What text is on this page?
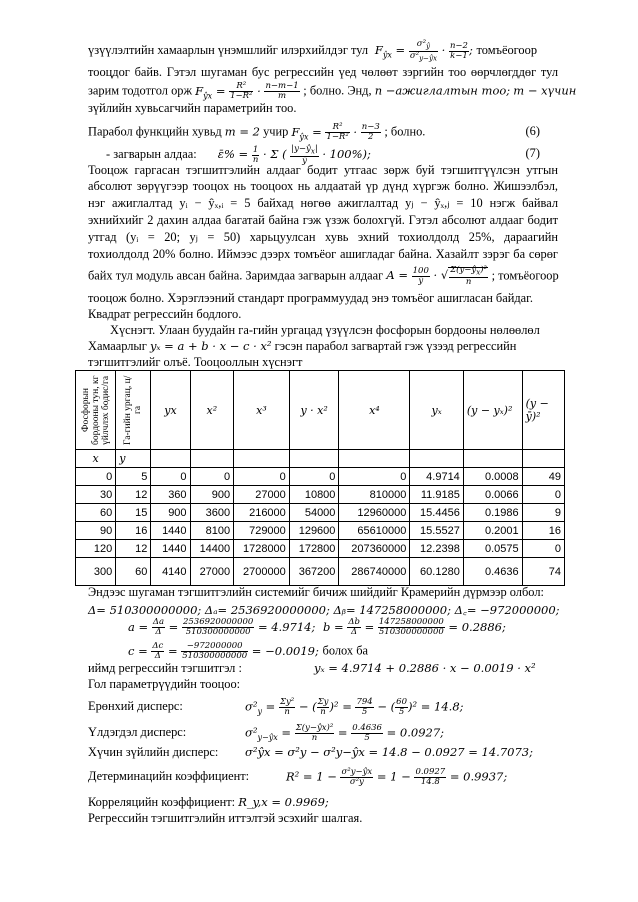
үзүүлэлтийн хамаарлын үнэмшлийг илэрхийлдэг тул  $F_{ŷx} = \frac{\sigma^2_ŷ}{\sigma^2_{y-ŷx}} \cdot \frac{n-2}{k-1}$ ; томъёогоор
тооцдог байв. Гэтэл шугаман бус регрессийн үед чөлөөт зэргийн тоо өөрчлөгддөг тул
зарим тодотгол орж $F_{ŷx} = \frac{\text{R²}}{\text{1−R²}} \cdot \frac{n-m-1}{m}$ ; болно. Энд, n −ажиглалтын тоо; m − хүчин
зүйлийн хувьсагчийн параметрийн тоо.
Парабол функцийн хувьд m = 2 учир $F_{ŷx} = \frac{\text{R²}}{\text{1−R²}} \cdot \frac{n-3}{2}$ ; болно.	(6)
- загварын алдаа: ε̄% = $\frac{1}{n} \cdot \Sigma$ ( $\frac{|y-ŷ_x|}{ȳ} \cdot 100\%$);	(7)
Тооцож гаргасан тэгшитгэлийн алдааг бодит утгаас зөрж буй тэгшитгүүлсэн утгын
абсолют зөрүүгээр тооцох нь тооцоох нь алдаатай үр дүнд хүргэж болно. Жишээлбэл,
нэг ажиглалтад yᵢ − ŷₓ,ᵢ = 5 байхад нөгөө ажиглалтад yⱼ − ŷₓ,ⱼ = 10 нэгж байвал
эхнийхийг 2 дахин алдаа багатай байна гэж үзэж болохгүй. Гэтэл абсолют алдааг бодит
утгад (yᵢ = 20; yⱼ = 50) харьцуулсан хувь эхний тохиолдолд 25%, дараагийн
тохиолдолд 20% болно. Иймээс дээрх томъёог ашигладаг байна. Хазайлт зэрэг ба сөрөг
байх тул модуль авсан байна. Заримдаа загварын алдааг $A = \frac{100}{ȳ}$ · √ $\frac{\Sigma(y-ŷ_x)^2}{n}$ ; томъёогоор
тооцож болно. Хэрэглээний стандарт программуудад энэ томъёог ашигласан байдаг.
Квадрат регрессийн бодлого.
Хүснэгт. Улаан буудайн га-гийн ургацад үзүүлсэн фосфорын бордооны нөлөөлөл
Хамаарлыг yₓ = a + b · x − c · x² гэсэн парабол загвартай гэж үзээд регрессийн
тэгшитгэлийг олъё. Тооцооллын хүснэгт
Фосфорын бордооны тун, кг үйлчлэх бодис/га	Га-гийн ургац, ц/га	yx	x²	x³	y · x²	x⁴	yₓ	(y − yₓ)²	(y − ȳ)²
x	y								
0	5	0	0	0	0	0	4.9714	0.0008	49
30	12	360	900	27000	10800	810000	11.9185	0.0066	0
60	15	900	3600	216000	54000	12960000	15.4456	0.1986	9
90	16	1440	8100	729000	129600	65610000	15.5527	0.2001	16
120	12	1440	14400	1728000	172800	207360000	12.2398	0.0575	0
300	60	4140	27000	2700000	367200	286740000	60.1280	0.4636	74
Эндээс шугаман тэгшитгэлийн системийг бичиж шийдийг Крамерийн дүрмээр олбол:
Δ= 510300000000; Δₐ= 2536920000000; Δᵦ= 147258000000; Δ꜀= −972000000;
$a = \frac{\Delta a}{\Delta} = \frac{2536920000000}{510300000000} = 4.9714$; $b = \frac{\Delta b}{\Delta} = \frac{147258000000}{510300000000} = 0.2886$;
$c = \frac{\Delta c}{\Delta} = \frac{-972000000}{510300000000} = -0.0019$; болох ба
иймд регрессийн тэгшитгэл :	yₓ = 4.9714 + 0.2886 · x − 0.0019 · x²
Гол параметрүүдийн тооцоо:
Ерөнхий дисперс:	$\sigma^2_y = \frac{\text{Σy²}}{n}$ − ( $\frac{\Sigma y}{n} )^2 = \frac{794}{5}$ − ( $\frac{60}{5} )^2 = 14.8$;
Үлдэгдэл дисперс:	$\sigma^2_{y-ŷx} = \frac{\text{Σ(y−ŷx)²}}{n} = \frac{0.4636}{5} = 0.0927$;
Хүчин зүйлийн дисперс: σ²ŷx = σ²y − σ²y−ŷx = 14.8 − 0.0927 = 14.7073;
Детерминацийн коэффициент:	$R^2 = 1 - \frac{\text{σ²y−ŷx}}{\text{σ²y}} = 1 - \frac{0.0927}{14.8} = 0.9937$;
Корреляцийн коэффициент: R_y,x = 0.9969;
Регрессийн тэгшитгэлийн иттэлтэй эсэхийг шалгая.
